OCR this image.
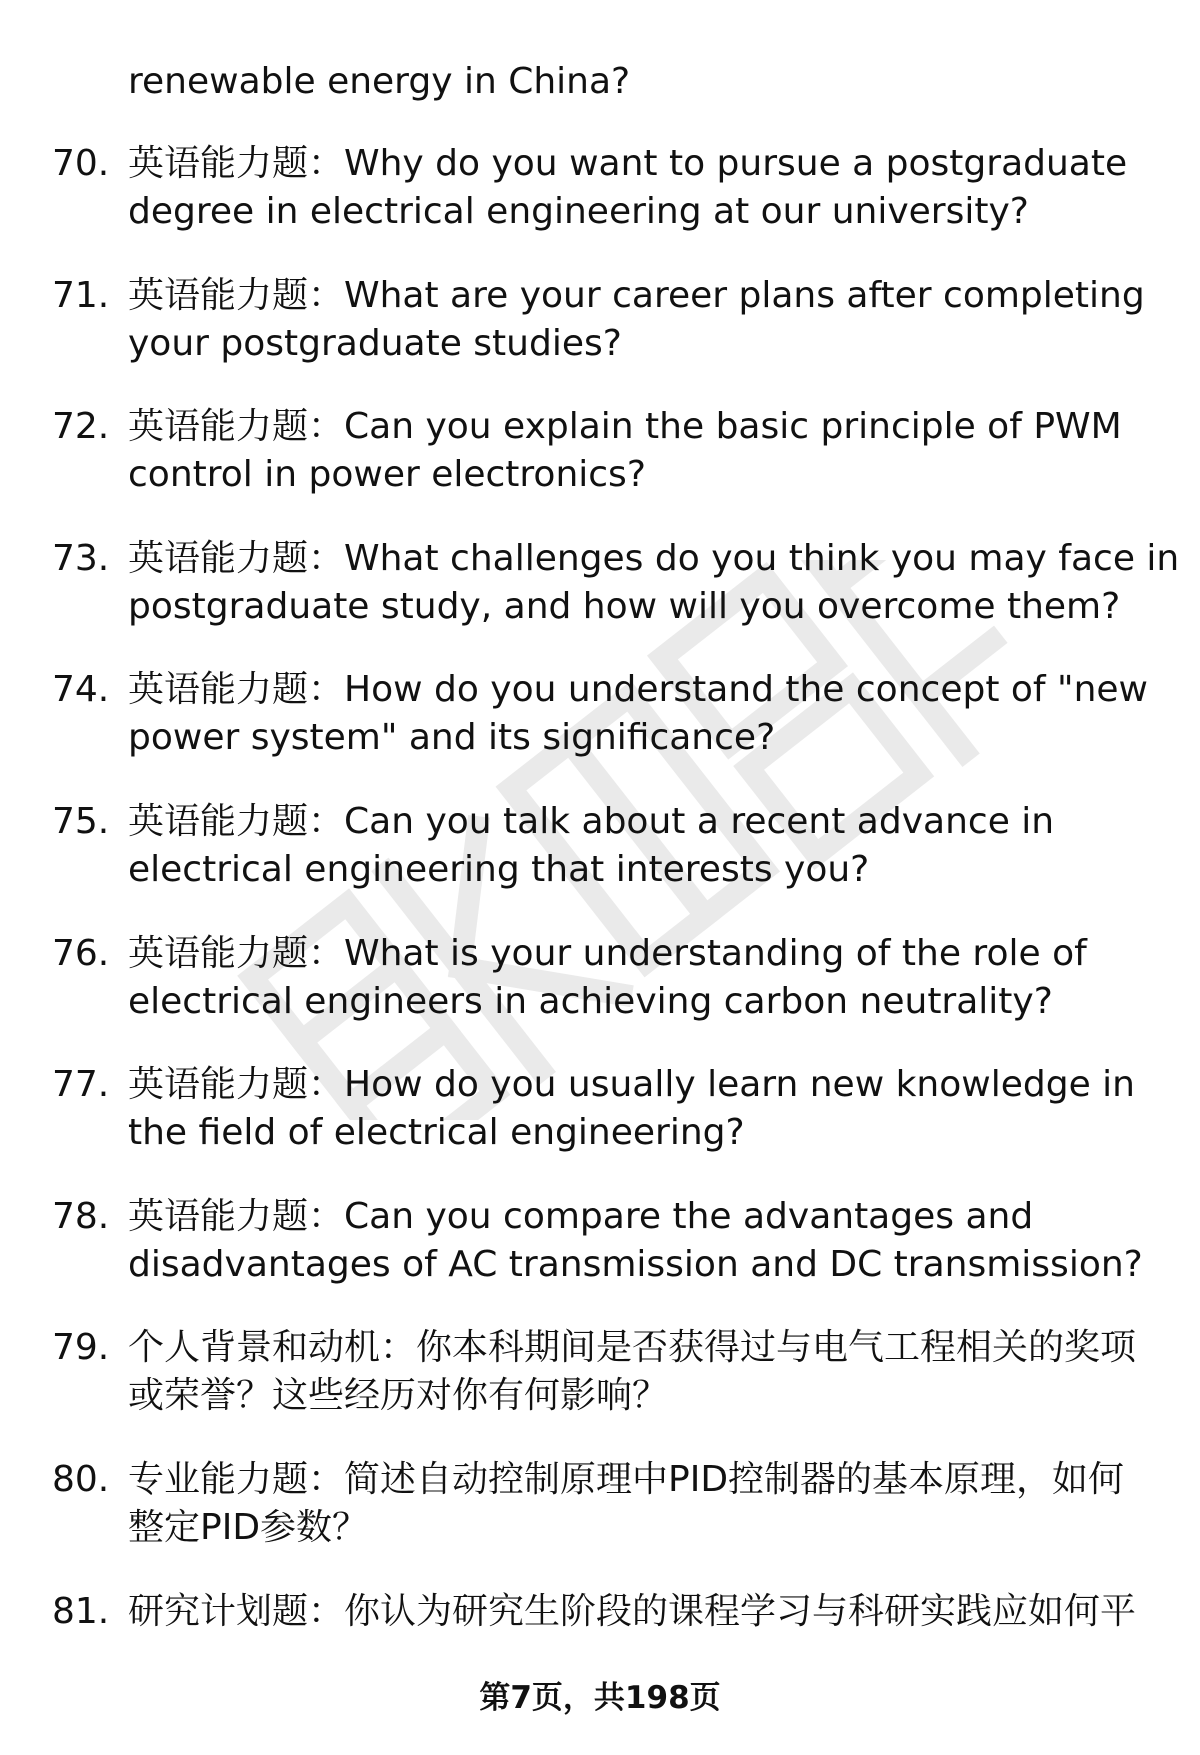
renewable energy in China?
70. 英语能力题：Why do you want to pursue a postgraduate
degree in electrical engineering at our university?
71. 英语能力题：What are your career plans after completing
your postgraduate studies?
72. 英语能力题：Can you explain the basic principle of PWM
control in power electronics?
73. 英语能力题：What challenges do you think you may face in
postgraduate study, and how will you overcome them?
74. 英语能力题：How do you understand the concept of "new
power system" and its significance?
75. 英语能力题：Can you talk about a recent advance in
electrical engineering that interests you?
76. 英语能力题：What is your understanding of the role of
electrical engineers in achieving carbon neutrality?
77. 英语能力题：How do you usually learn new knowledge in
the field of electrical engineering?
78. 英语能力题：Can you compare the advantages and
disadvantages of AC transmission and DC transmission?
79. 个人背景和动机：你本科期间是否获得过与电气工程相关的奖项
或荣誉？这些经历对你有何影响？
80. 专业能力题：简述自动控制原理中PID控制器的基本原理，如何
整定PID参数？
81. 研究计划题：你认为研究生阶段的课程学习与科研实践应如何平
第7页，共198页
